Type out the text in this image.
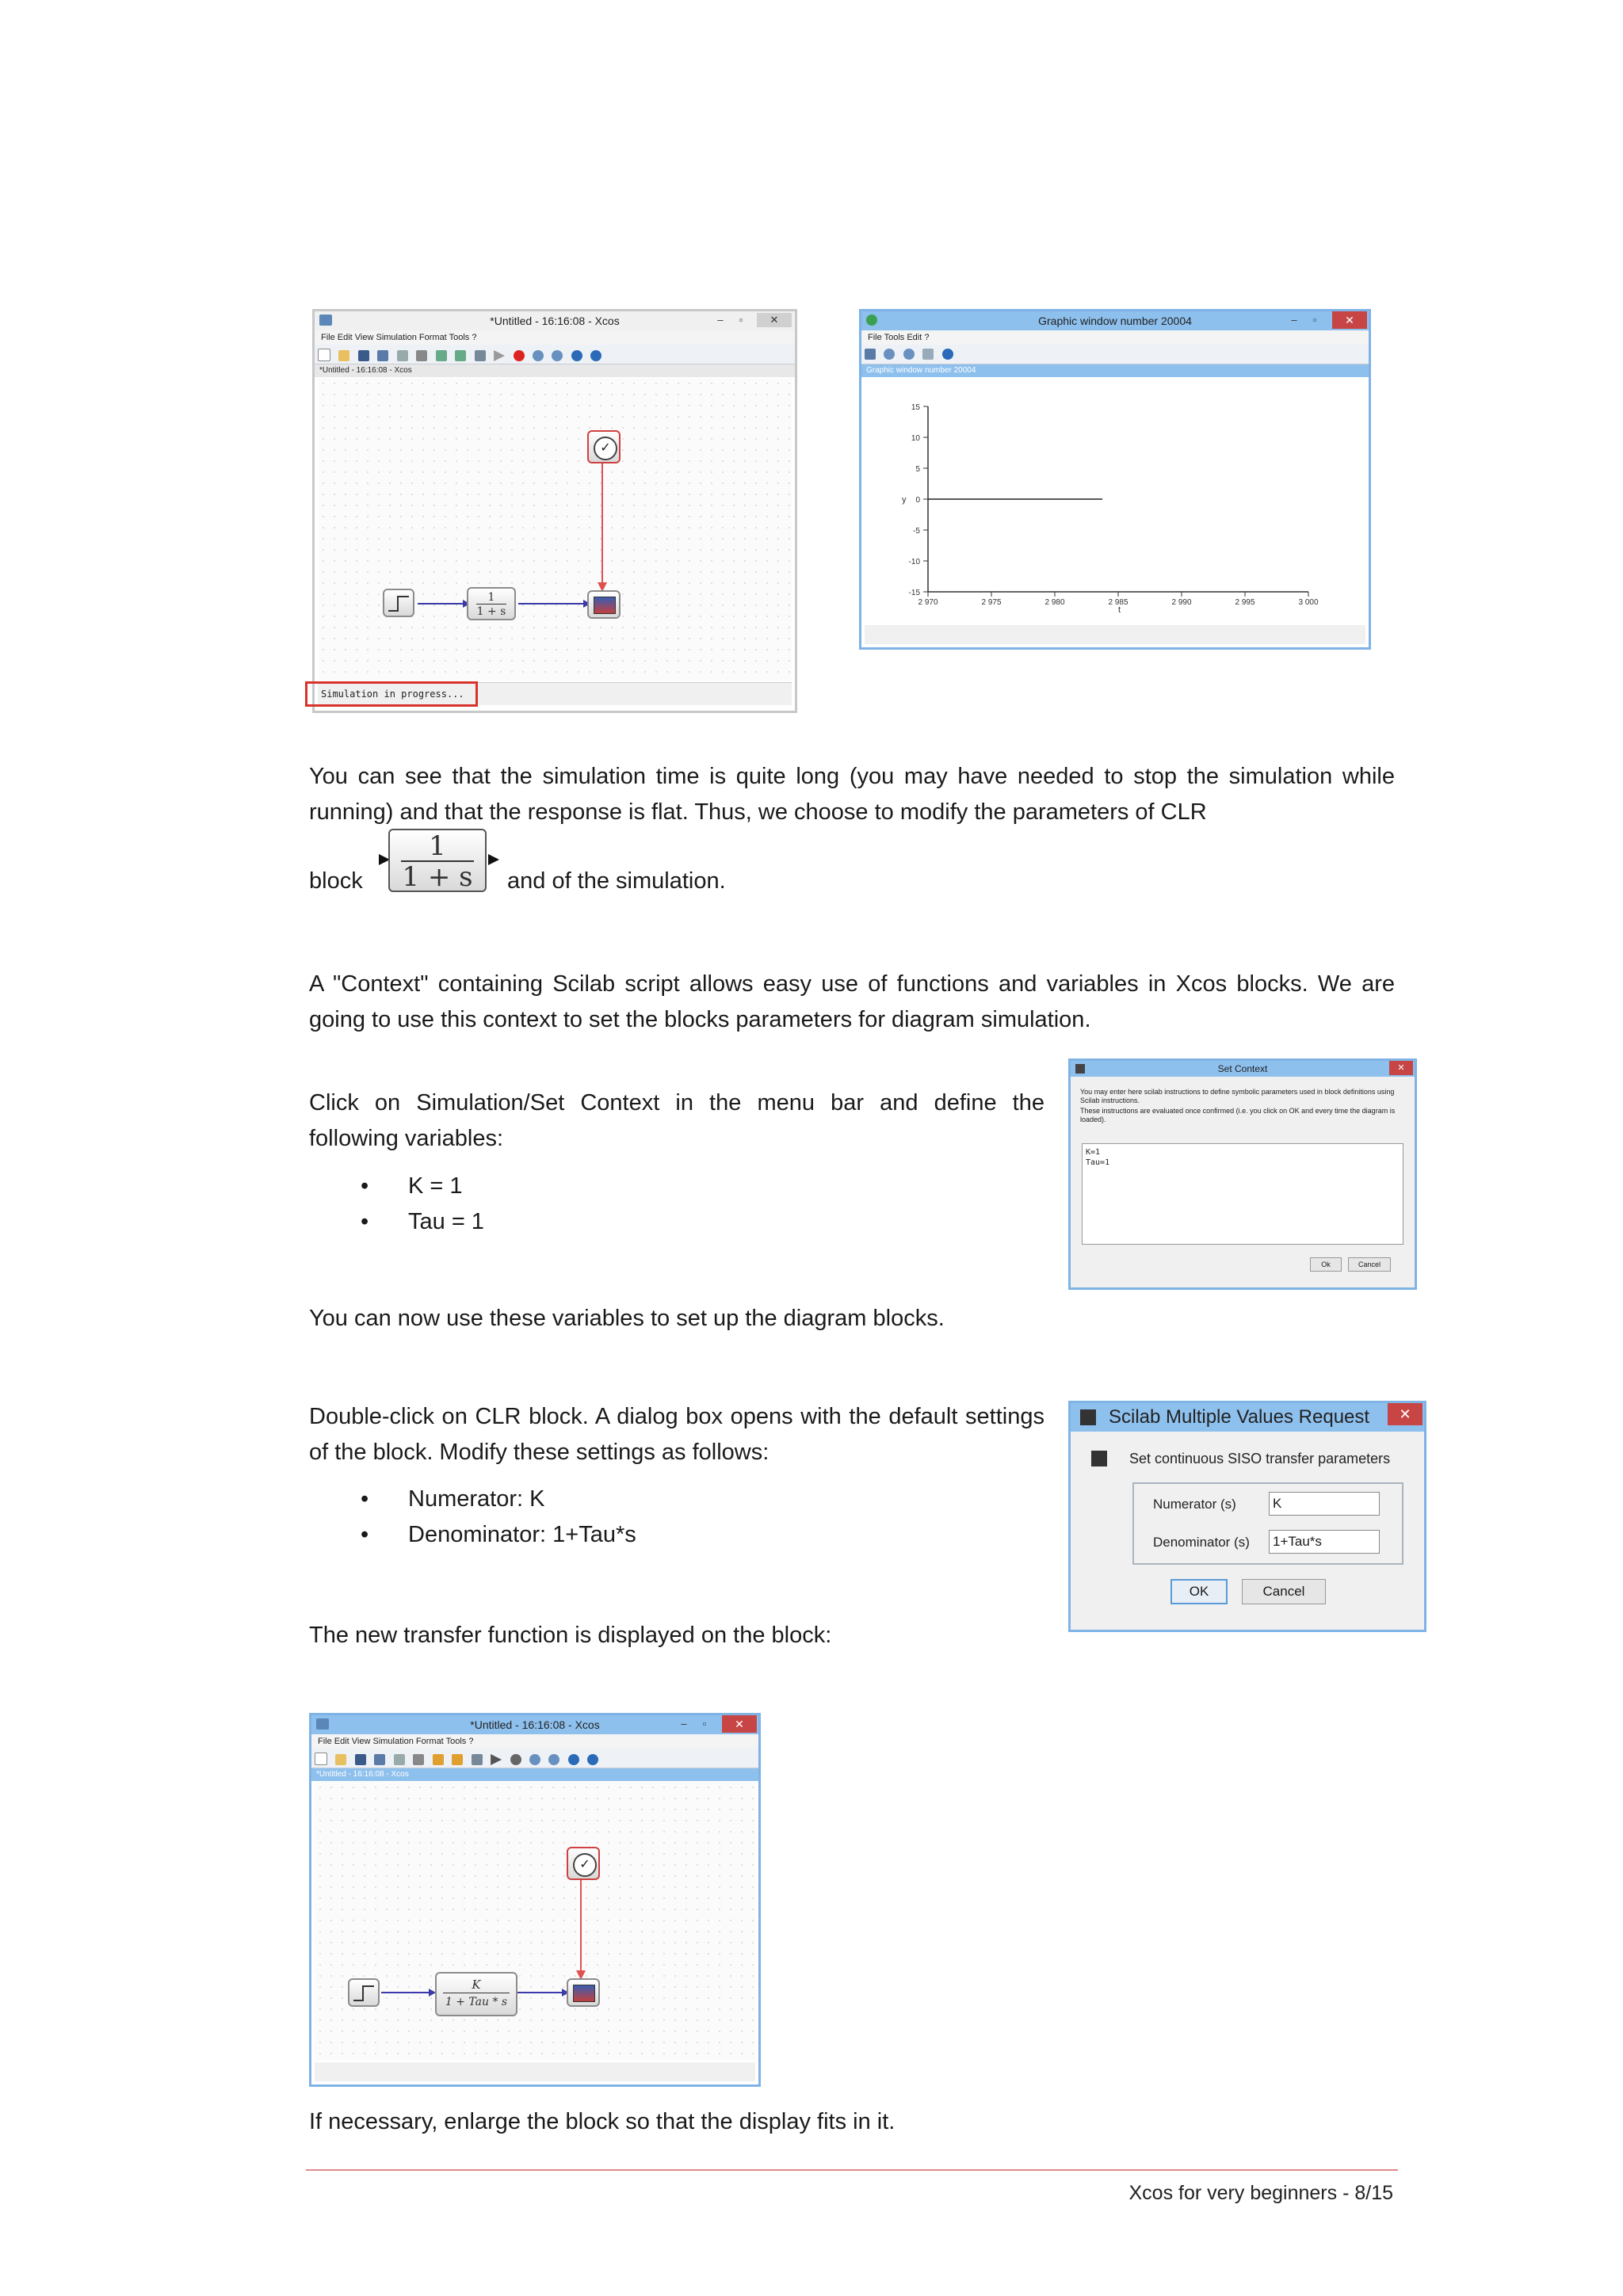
*Untitled - 16:16:08 - Xcos	–	▫	✕
File Edit View Simulation Format Tools ?

*Untitled - 16:16:08 - Xcos
✓
$\frac{1}{1 + s}$
Simulation in progress...
Graphic window number 20004	–	▫	✕
File Tools Edit ?

Graphic window number 20004
15
10
5
0
-5
-10
-15
2 970	2 975	2 980	2 985	2 990	2 995	3 000
y
t
You can see that the simulation time is quite long (you may have needed to stop the simulation while running) and that the response is flat. Thus, we choose to modify the parameters of CLR
block $\frac{1}{1 + s}$ and of the simulation.
A "Context" containing Scilab script allows easy use of functions and variables in Xcos blocks. We are going to use this context to set the blocks parameters for diagram simulation.
Click on Simulation/Set Context in the menu bar and define the following variables:
• K = 1
• Tau = 1
Set Context	✕
You may enter here scilab instructions to define symbolic parameters used in block definitions using Scilab instructions.
These instructions are evaluated once confirmed (i.e. you click on OK and every time the diagram is loaded).
K=1
Tau=1
Ok	Cancel
You can now use these variables to set up the diagram blocks.
Double-click on CLR block. A dialog box opens with the default settings of the block. Modify these settings as follows:
• Numerator: K
• Denominator: 1+Tau*s
Scilab Multiple Values Request	✕
Set continuous SISO transfer parameters
Numerator (s)	K
Denominator (s) 1+Tau*s
OK	Cancel
The new transfer function is displayed on the block:
*Untitled - 16:16:08 - Xcos	–	▫	✕
File Edit View Simulation Format Tools ?

*Untitled - 16:16:08 - Xcos
✓
K
1 + Tau * s
If necessary, enlarge the block so that the display fits in it.
Xcos for very beginners - 8/15
